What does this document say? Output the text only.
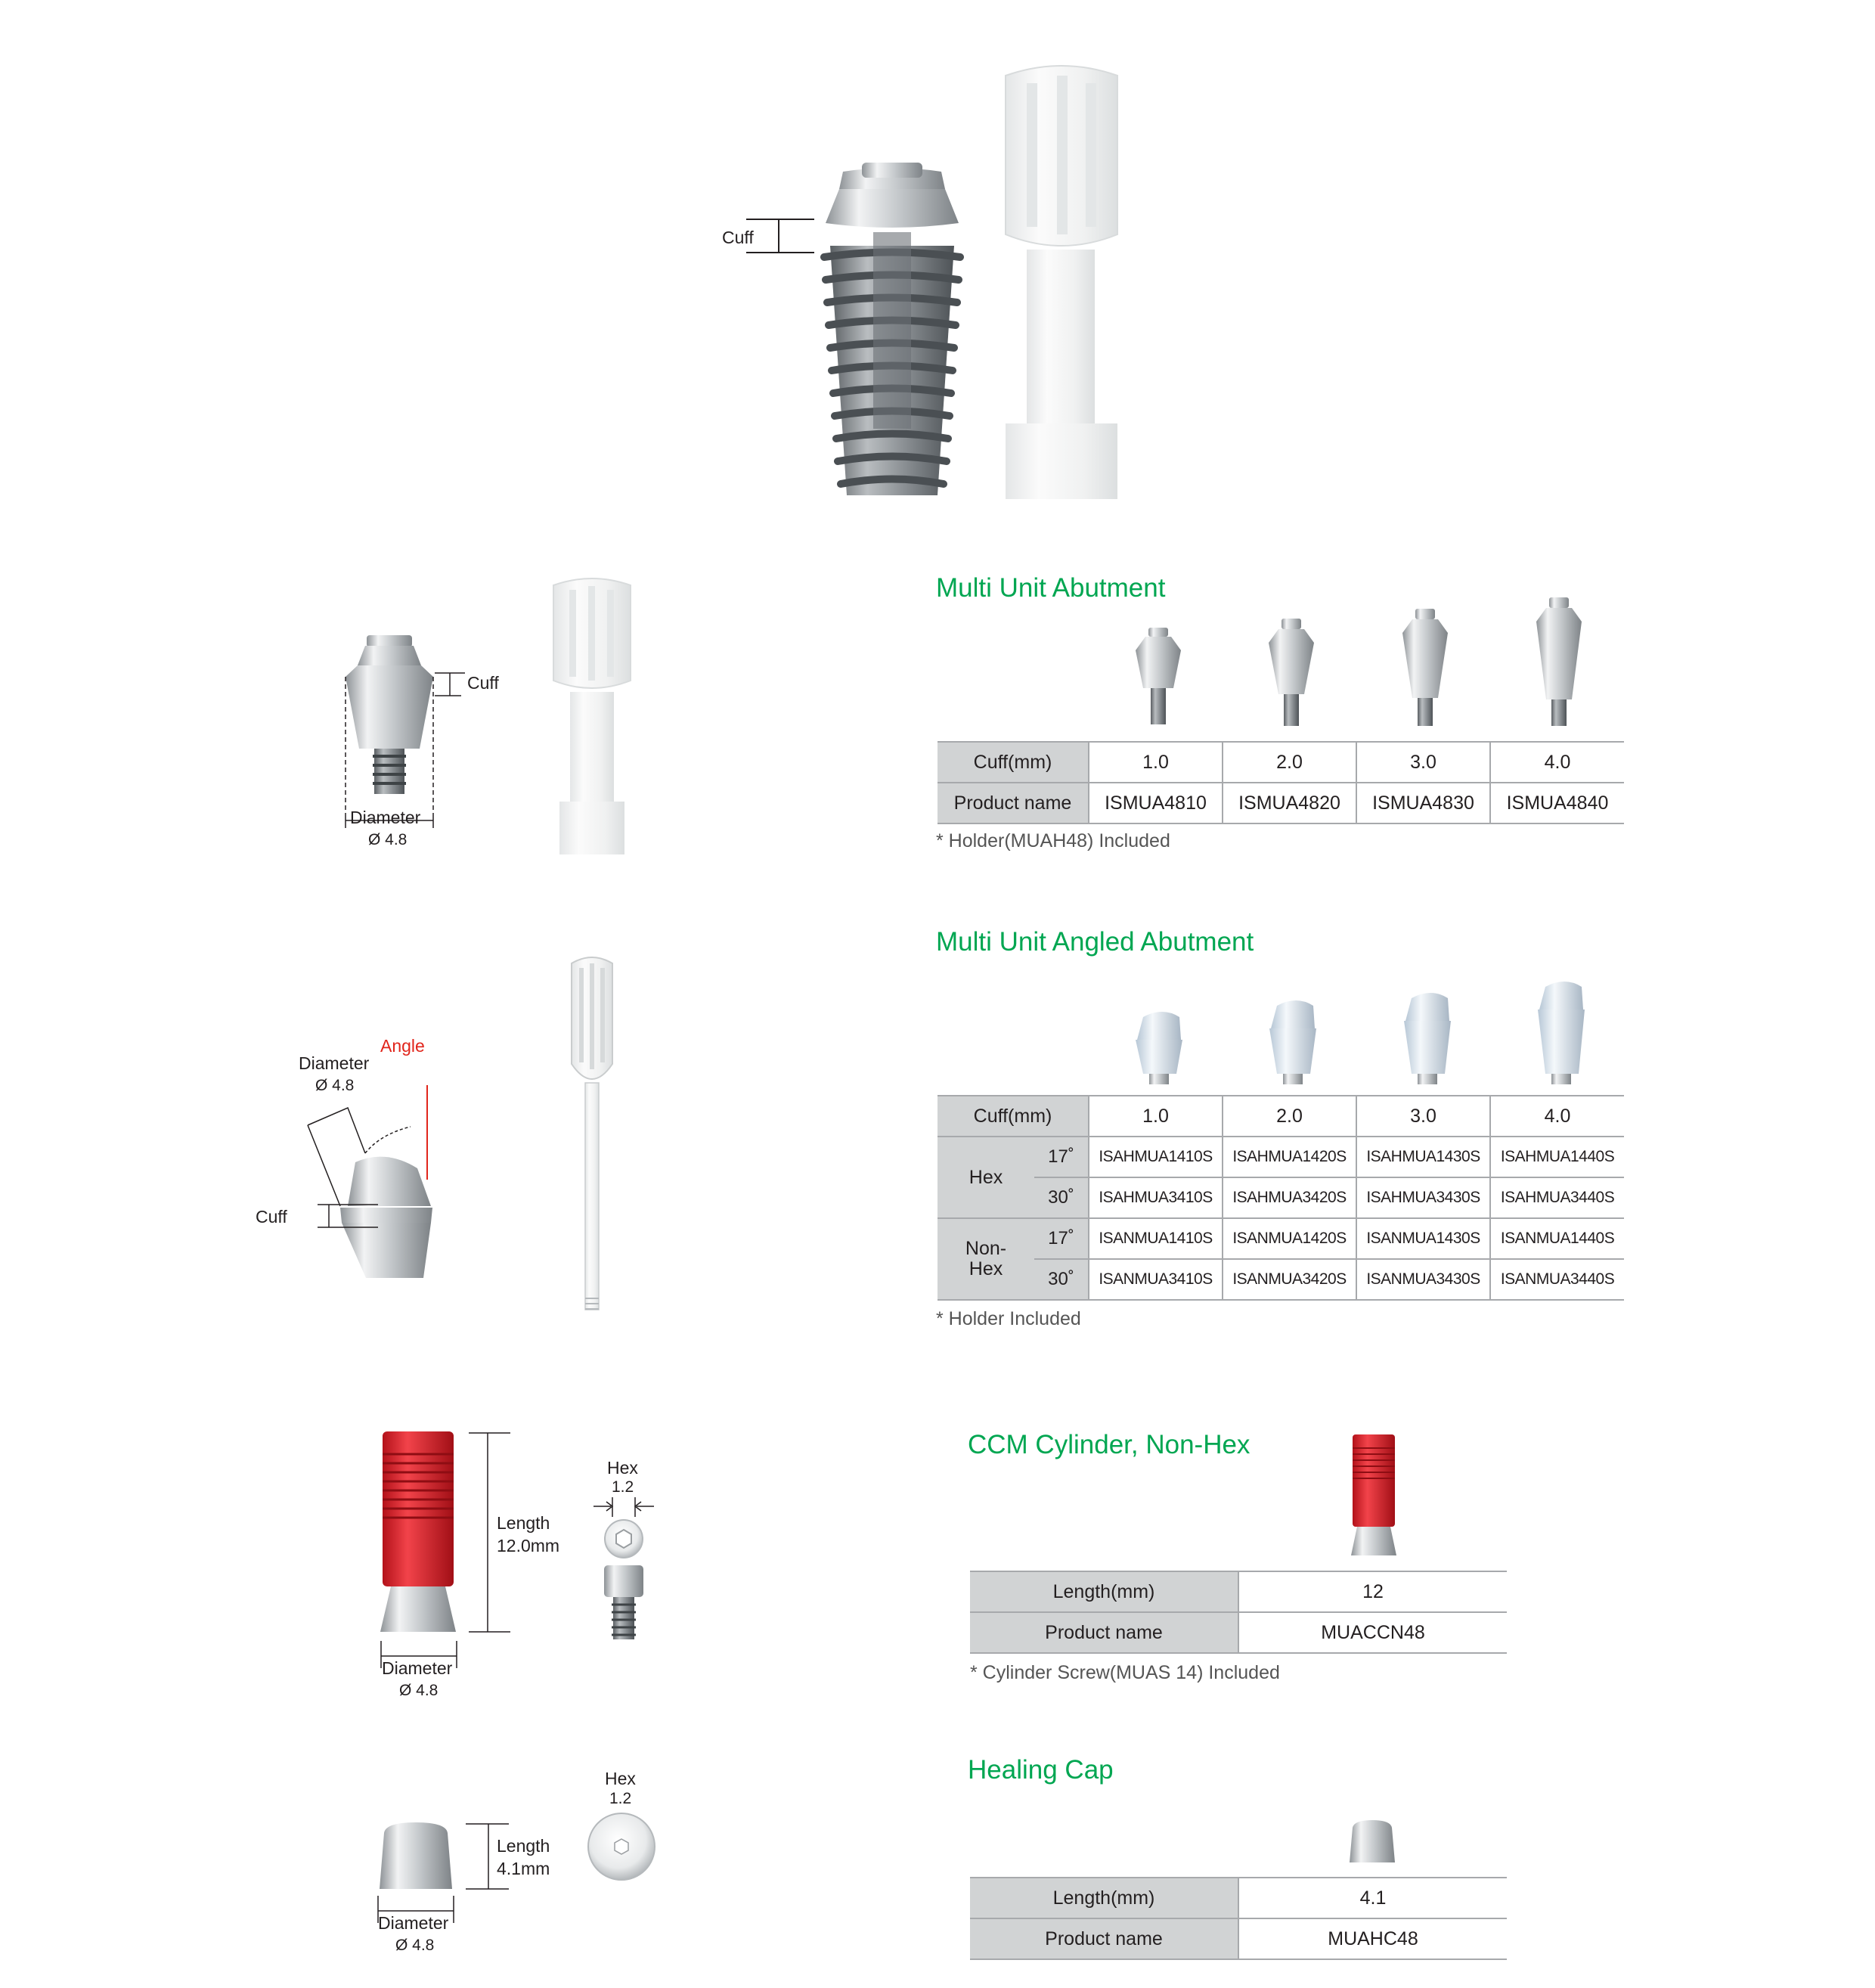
Cuff
Multi Unit Abutment
Cuff
Diameter
Ø 4.8
Cuff(mm)	1.0	2.0	3.0	4.0
Product name	ISMUA4810	ISMUA4820	ISMUA4830	ISMUA4840
* Holder(MUAH48) Included
Multi Unit Angled Abutment
Angle
Diameter
Ø 4.8
Cuff
Cuff(mm)		1.0	2.0	3.0	4.0
Hex	17˚	ISAHMUA1410S	ISAHMUA1420S	ISAHMUA1430S	ISAHMUA1440S
	30˚	ISAHMUA3410S	ISAHMUA3420S	ISAHMUA3430S	ISAHMUA3440S
Non-
Hex	17˚	ISANMUA1410S	ISANMUA1420S	ISANMUA1430S	ISANMUA1440S
	30˚	ISANMUA3410S	ISANMUA3420S	ISANMUA3430S	ISANMUA3440S
* Holder Included
CCM Cylinder, Non-Hex
Length
12.0mm
Diameter
Ø 4.8
Hex
1.2
Length(mm)	12
Product name	MUACCN48
* Cylinder Screw(MUAS 14) Included
Healing Cap
Length
4.1mm
Diameter
Ø 4.8
Hex
1.2
Length(mm)	4.1
Product name	MUAHC48
